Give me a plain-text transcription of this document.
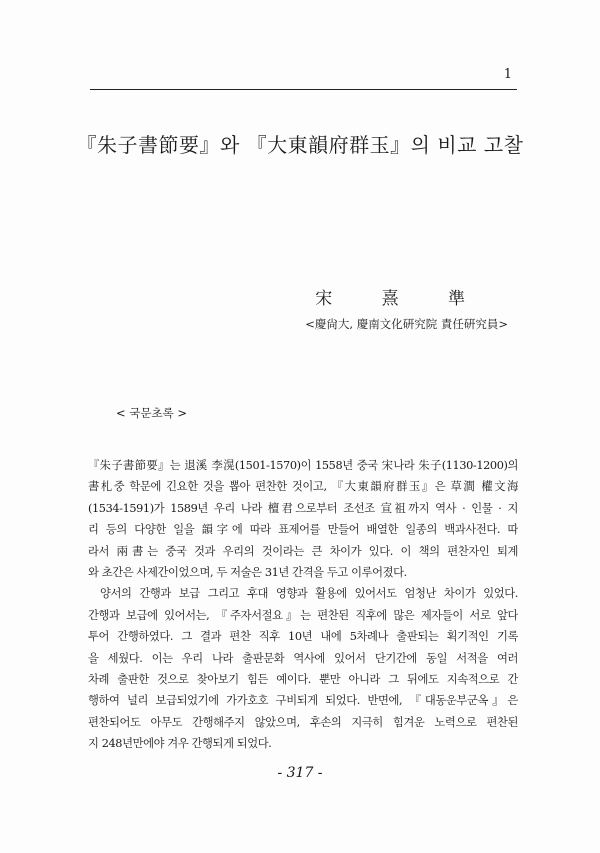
1
『朱子書節要』와 『大東韻府群玉』의 비교 고찰
宋 熹 準
<慶尙大, 慶南文化硏究院 責任硏究員>
< 국문초록 >
『朱子書節要』는 退溪 李滉(1501-1570)이 1558년 중국 宋나라 朱子(1130-1200)의
書札중 학문에 긴요한 것을 뽑아 편찬한 것이고, 『大東韻府群玉』은 草澗 權文海
(1534-1591)가 1589년 우리 나라 檀君으로부터 조선조 宣祖까지 역사 · 인물 · 지
리 등의 다양한 일을 韻字에 따라 표제어를 만들어 배열한 일종의 백과사전다. 따
라서 兩書는 중국 것과 우리의 것이라는 큰 차이가 있다. 이 책의 편찬자인 퇴계
와 초간은 사제간이었으며, 두 저술은 31년 간격을 두고 이루어졌다.
양서의 간행과 보급 그리고 후대 영향과 활용에 있어서도 엄청난 차이가 있었다.
간행과 보급에 있어서는, 『주자서절요』는 편찬된 직후에 많은 제자들이 서로 앞다
투어 간행하였다. 그 결과 편찬 직후 10년 내에 5차례나 출판되는 획기적인 기록
을 세웠다. 이는 우리 나라 출판문화 역사에 있어서 단기간에 동일 서적을 여러
차례 출판한 것으로 찾아보기 힘든 예이다. 뿐만 아니라 그 뒤에도 지속적으로 간
행하여 널리 보급되었기에 가가호호 구비되게 되었다. 반면에, 『대동운부군옥』은
편찬되어도 아무도 간행해주지 않았으며, 후손의 지극히 힘겨운 노력으로 편찬된
지 248년만에야 겨우 간행되게 되었다.
- 317 -
